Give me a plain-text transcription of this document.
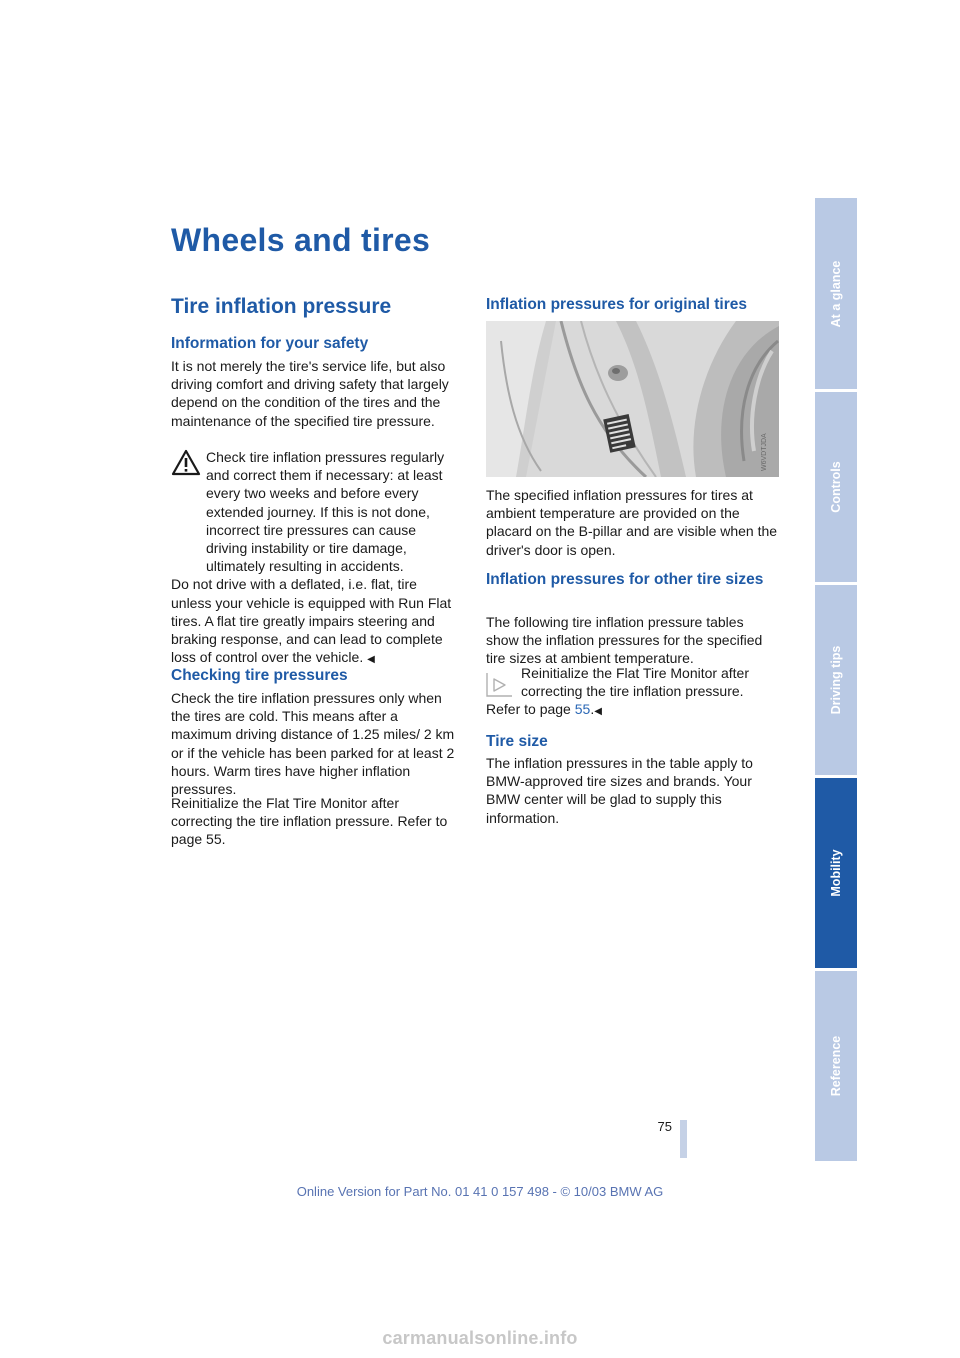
Wheels and tires
Tire inflation pressure
Information for your safety

It is not merely the tire's service life, but also driving comfort and driving safety that largely depend on the condition of the tires and the maintenance of the specified tire pressure.

Check tire inflation pressures regularly and correct them if necessary: at least every two weeks and before every extended journey. If this is not done, incorrect tire pressures can cause driving instability or tire damage, ultimately resulting in accidents.
Do not drive with a deflated, i.e. flat, tire unless your vehicle is equipped with Run Flat tires. A flat tire greatly impairs steering and braking response, and can lead to complete loss of control over the vehicle. ◀

Checking tire pressures

Check the tire inflation pressures only when the tires are cold. This means after a maximum driving distance of 1.25 miles/ 2 km or if the vehicle has been parked for at least 2 hours. Warm tires have higher inflation pressures.

Reinitialize the Flat Tire Monitor after correcting the tire inflation pressure. Refer to page 55.

Inflation pressures for original tires
W6VDTJDA

The specified inflation pressures for tires at ambient temperature are provided on the placard on the B-pillar and are visible when the driver's door is open.

Inflation pressures for other tire sizes

The following tire inflation pressure tables show the inflation pressures for the specified tire sizes at ambient temperature.

Reinitialize the Flat Tire Monitor after correcting the tire inflation pressure.
Refer to page 55.◀

Tire size

The inflation pressures in the table apply to BMW-approved tire sizes and brands. Your BMW center will be glad to supply this information.

At a glance
Controls
Driving tips
Mobility
Reference
75
Online Version for Part No. 01 41 0 157 498 - © 10/03 BMW AG
carmanualsonline.info
